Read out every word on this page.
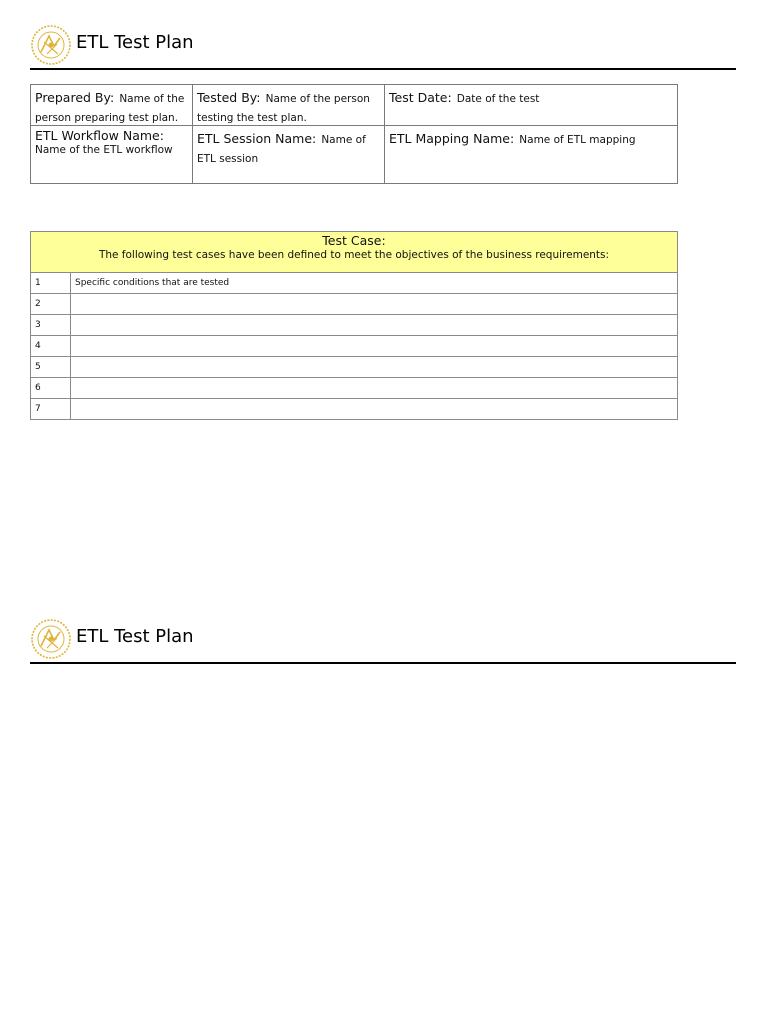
ETL Test Plan
Prepared By: Name of the person preparing test plan.	Tested By: Name of the person testing the test plan.	Test Date: Date of the test

ETL Workflow Name:
Name of the ETL workflow	ETL Session Name: Name of ETL session	ETL Mapping Name: Name of ETL mapping
Test Case:
The following test cases have been defined to meet the objectives of the business requirements:	

1	Specific conditions that are tested
2	
3	
4	
5	
6	
7	
ETL Test Plan
